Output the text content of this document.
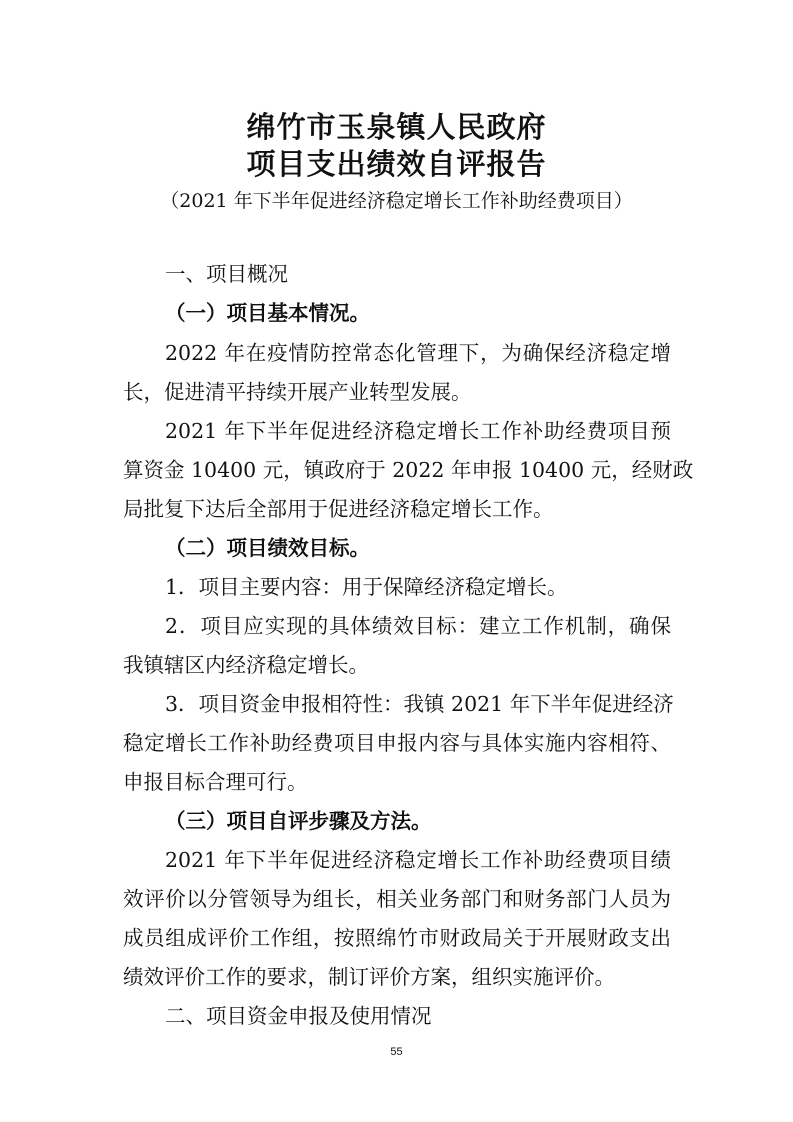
绵竹市玉泉镇人民政府
项目支出绩效自评报告
（2021 年下半年促进经济稳定增长工作补助经费项目）
一、项目概况
（一）项目基本情况。
2022 年在疫情防控常态化管理下，为确保经济稳定增
长，促进清平持续开展产业转型发展。
2021 年下半年促进经济稳定增长工作补助经费项目预
算资金 10400 元，镇政府于 2022 年申报 10400 元，经财政
局批复下达后全部用于促进经济稳定增长工作。
（二）项目绩效目标。
1．项目主要内容：用于保障经济稳定增长。
2．项目应实现的具体绩效目标：建立工作机制，确保
我镇辖区内经济稳定增长。
3．项目资金申报相符性：我镇 2021 年下半年促进经济
稳定增长工作补助经费项目申报内容与具体实施内容相符、
申报目标合理可行。
（三）项目自评步骤及方法。
2021 年下半年促进经济稳定增长工作补助经费项目绩
效评价以分管领导为组长，相关业务部门和财务部门人员为
成员组成评价工作组，按照绵竹市财政局关于开展财政支出
绩效评价工作的要求，制订评价方案，组织实施评价。
二、项目资金申报及使用情况
55
